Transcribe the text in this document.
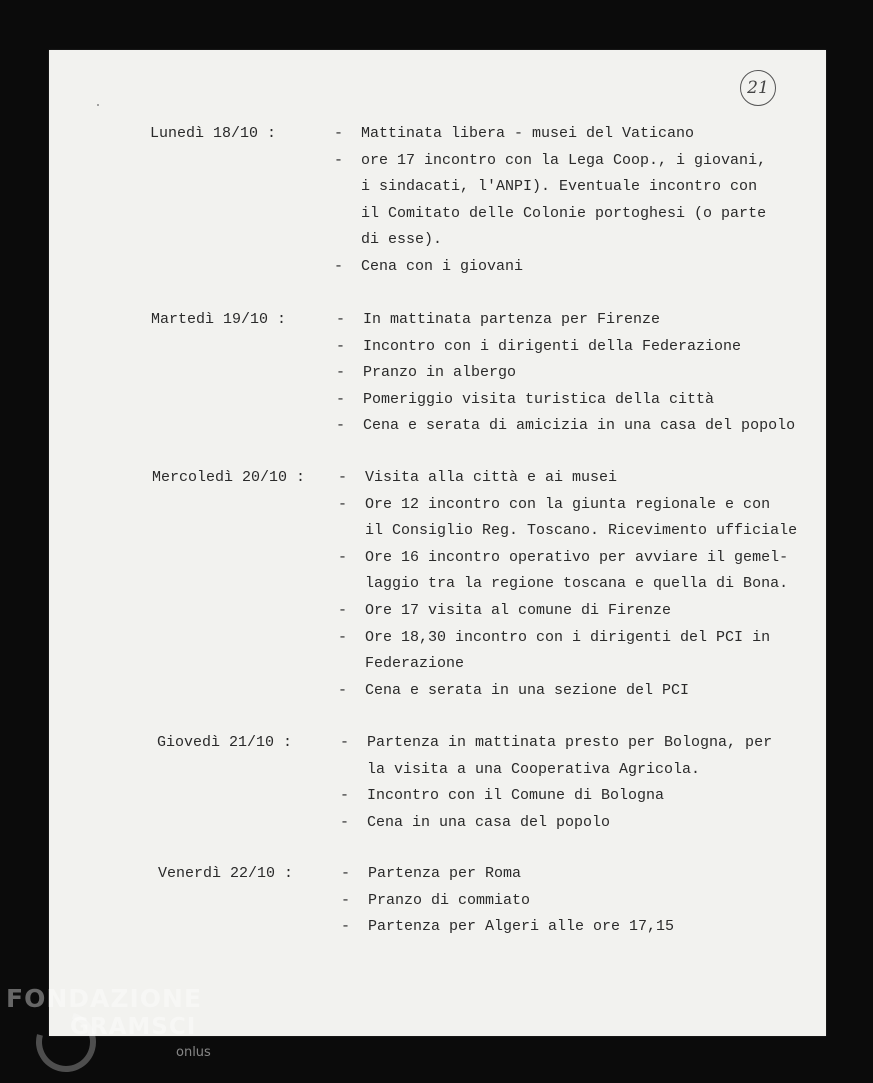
21
Lunedì 18/10 :	- Mattinata libera - musei del Vaticano
- ore 17 incontro con la Lega Coop., i giovani,
i sindacati, l'ANPI). Eventuale incontro con
il Comitato delle Colonie portoghesi (o parte
di esse).
- Cena con i giovani
Martedì 19/10 :	- In mattinata partenza per Firenze
- Incontro con i dirigenti della Federazione
- Pranzo in albergo
- Pomeriggio visita turistica della città
- Cena e serata di amicizia in una casa del popolo
Mercoledì 20/10 : - Visita alla città e ai musei
- Ore 12 incontro con la giunta regionale e con
il Consiglio Reg. Toscano. Ricevimento ufficiale
- Ore 16 incontro operativo per avviare il gemel-
laggio tra la regione toscana e quella di Bona.
- Ore 17 visita al comune di Firenze
- Ore 18,30 incontro con i dirigenti del PCI in
Federazione
- Cena e serata in una sezione del PCI
Giovedì 21/10 :	- Partenza in mattinata presto per Bologna, per
la visita a una Cooperativa Agricola.
- Incontro con il Comune di Bologna
- Cena in una casa del popolo
Venerdì 22/10 :	- Partenza per Roma
- Pranzo di commiato
- Partenza per Algeri alle ore 17,15
FONDAZIONE
GRAMSCI
onlus
